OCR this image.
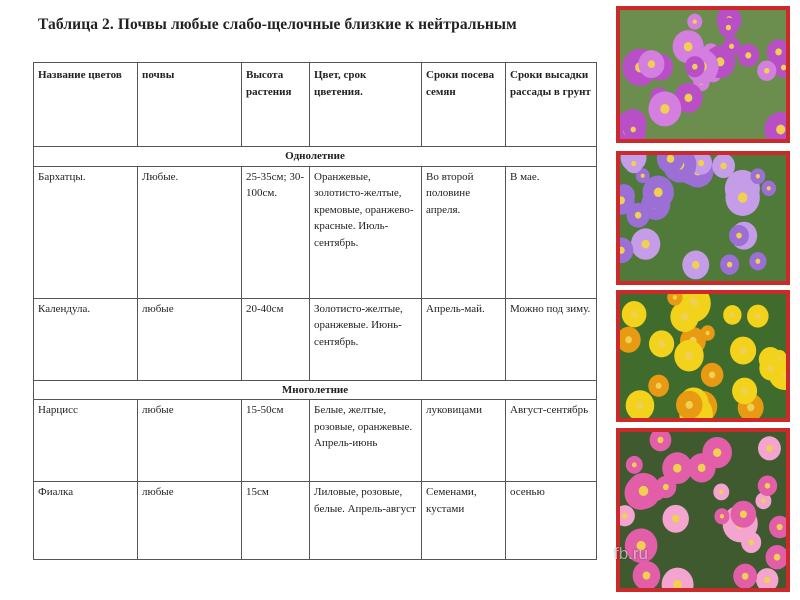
Таблица 2. Почвы любые слабо-щелочные близкие к нейтральным
Название цветов	почвы	Высота растения	Цвет, срок цветения.	Сроки посева семян	Сроки высадки рассады в грунт
Однолетние					
Бархатцы.	Любые.	25-35см; 30-100см.	Оранжевые, золотисто-желтые, кремовые, оранжево-красные. Июль-сентябрь.	Во второй половине апреля.	В мае.
Календула.	любые	20-40см	Золотисто-желтые, оранжевые. Июнь-сентябрь.	Апрель-май.	Можно под зиму.
Многолетние					
Нарцисс	любые	15-50см	Белые, желтые, розовые, оранжевые. Апрель-июнь	луковицами	Август-сентябрь
Фиалка	любые	15см	Лиловые, розовые, белые. Апрель-август	Семенами, кустами	осенью
fb.ru
